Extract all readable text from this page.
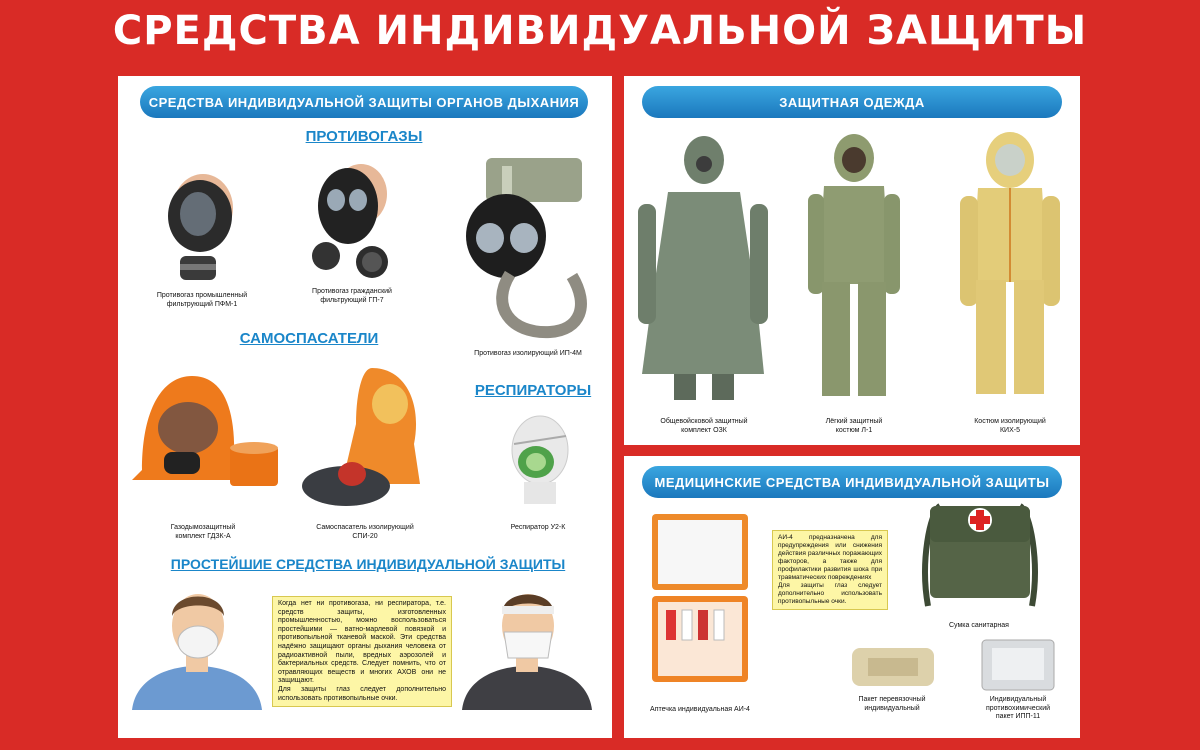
СРЕДСТВА ИНДИВИДУАЛЬНОЙ ЗАЩИТЫ
СРЕДСТВА ИНДИВИДУАЛЬНОЙ ЗАЩИТЫ ОРГАНОВ ДЫХАНИЯ
ПРОТИВОГАЗЫ
Противогаз промышленный
фильтрующий ПФМ-1
Противогаз гражданский
фильтрующий ГП-7
Противогаз изолирующий ИП-4М
САМОСПАСАТЕЛИ
Газодымозащитный
комплект ГДЗК-А
Самоспасатель изолирующий
СПИ-20
РЕСПИРАТОРЫ
Респиратор У2-К
ПРОСТЕЙШИЕ СРЕДСТВА ИНДИВИДУАЛЬНОЙ ЗАЩИТЫ

Когда нет ни противогаза, ни респиратора, т.е. средств защиты, изготовленных промышленностью, можно воспользоваться простейшими — ватно-марлевой повязкой и противопыльной тканевой маской. Эти средства надёжно защищают органы дыхания человека от радиоактивной пыли, вредных аэрозолей и бактериальных средств. Следует помнить, что от отравляющих веществ и многих АХОВ они не защищают.

Для защиты глаз следует дополнительно использовать противопыльные очки.

ЗАЩИТНАЯ ОДЕЖДА
Общевойсковой защитный
комплект ОЗК
Лёгкий защитный
костюм Л-1
Костюм изолирующий
КИХ-5
МЕДИЦИНСКИЕ СРЕДСТВА ИНДИВИДУАЛЬНОЙ ЗАЩИТЫ
Аптечка индивидуальная АИ-4

АИ-4 предназначена для предупреждения или снижения действия различных поражающих факторов, а также для профилактики развития шока при травматических повреждениях

Для защиты глаз следует дополнительно использовать противопыльные очки.

Сумка санитарная
Пакет перевязочный
индивидуальный
Индивидуальный
противохимический
пакет ИПП-11
